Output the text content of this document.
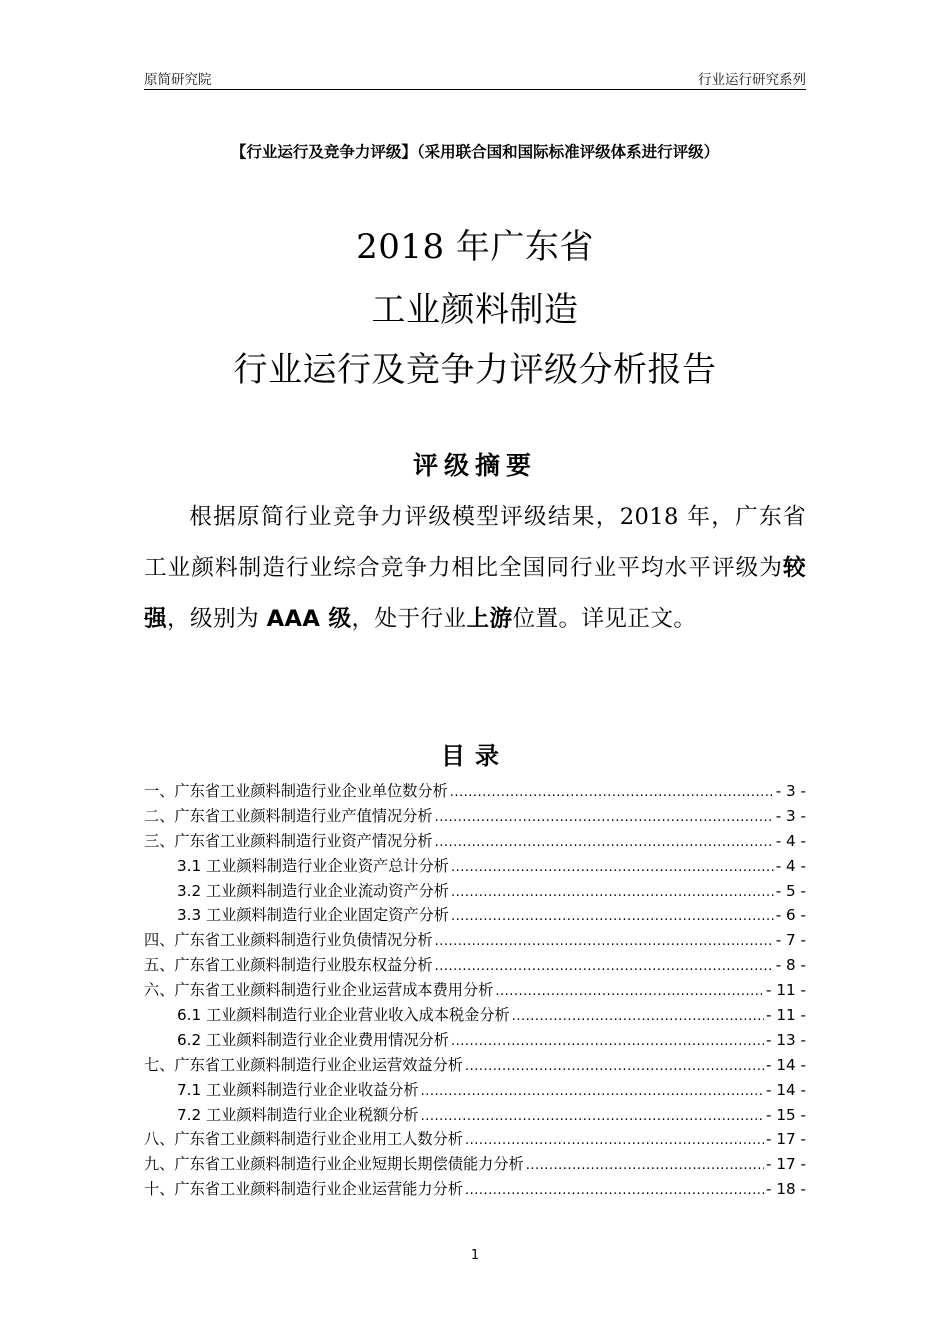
原简研究院	行业运行研究系列
【行业运行及竞争力评级】（采用联合国和国际标准评级体系进行评级）
2018 年广东省
工业颜料制造
行业运行及竞争力评级分析报告
评级摘要

根据原简行业竞争力评级模型评级结果，2018 年，广东省工业颜料制造行业综合竞争力相比全国同行业平均水平评级为较强，级别为 AAA 级，处于行业上游位置。详见正文。

目录
一、广东省工业颜料制造行业企业单位数分析 .....	- 3 -
二、广东省工业颜料制造行业产值情况分析 .....	- 3 -
三、广东省工业颜料制造行业资产情况分析 .....	- 4 -
3.1 工业颜料制造行业企业资产总计分析 .....	- 4 -
3.2 工业颜料制造行业企业流动资产分析 .....	- 5 -
3.3 工业颜料制造行业企业固定资产分析 .....	- 6 -
四、广东省工业颜料制造行业负债情况分析 .....	- 7 -
五、广东省工业颜料制造行业股东权益分析 .....	- 8 -
六、广东省工业颜料制造行业企业运营成本费用分析 .....	- 11 -
6.1 工业颜料制造行业企业营业收入成本税金分析 .....	- 11 -
6.2 工业颜料制造行业企业费用情况分析 .....	- 13 -
七、广东省工业颜料制造行业企业运营效益分析 .....	- 14 -
7.1 工业颜料制造行业企业收益分析 .....	- 14 -
7.2 工业颜料制造行业企业税额分析 .....	- 15 -
八、广东省工业颜料制造行业企业用工人数分析 .....	- 17 -
九、广东省工业颜料制造行业企业短期长期偿债能力分析 .....	- 17 -
十、广东省工业颜料制造行业企业运营能力分析 .....	- 18 -
1
